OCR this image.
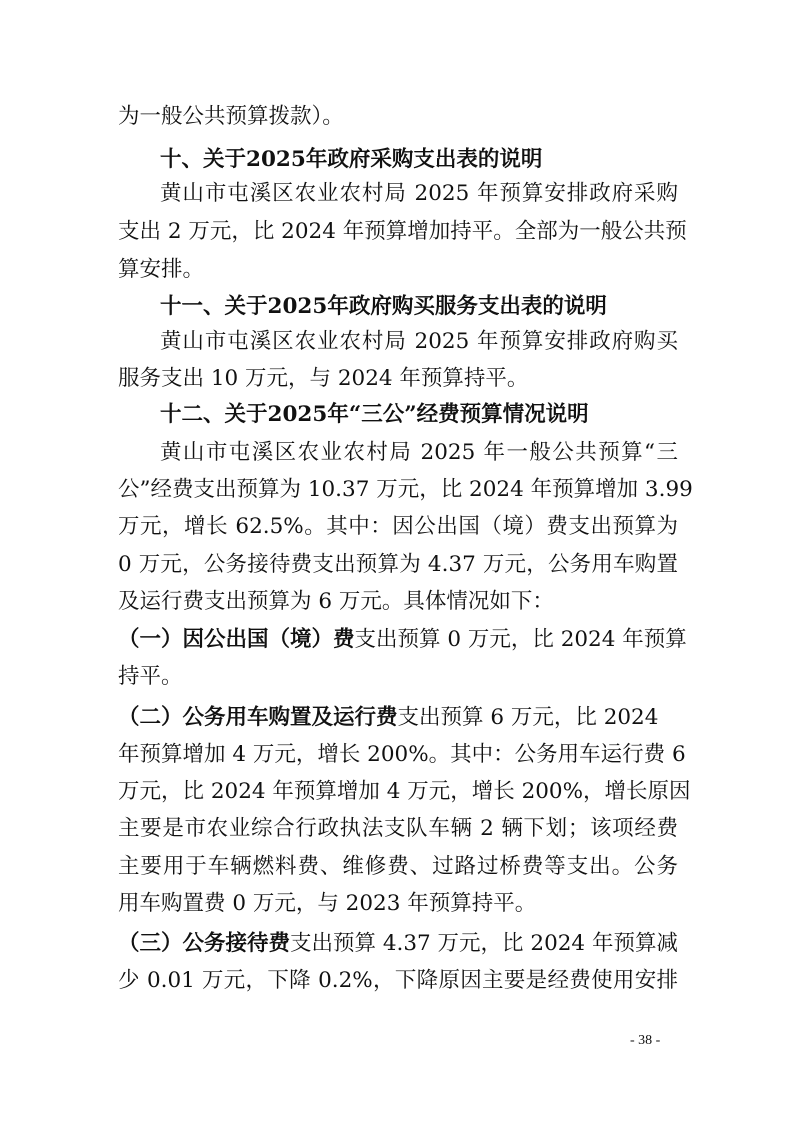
为一般公共预算拨款）。
十、关于2025年政府采购支出表的说明
黄山市屯溪区农业农村局 2025 年预算安排政府采购
支出 2 万元，比 2024 年预算增加持平。全部为一般公共预
算安排。
十一、关于2025年政府购买服务支出表的说明
黄山市屯溪区农业农村局 2025 年预算安排政府购买
服务支出 10 万元，与 2024 年预算持平。
十二、关于2025年“三公”经费预算情况说明
黄山市屯溪区农业农村局 2025 年一般公共预算“三
公”经费支出预算为 10.37 万元，比 2024 年预算增加 3.99
万元，增长 62.5%。其中：因公出国（境）费支出预算为
0 万元，公务接待费支出预算为 4.37 万元，公务用车购置
及运行费支出预算为 6 万元。具体情况如下：
（一）因公出国（境）费支出预算 0 万元，比 2024 年预算
持平。
（二）公务用车购置及运行费支出预算 6 万元，比 2024
年预算增加 4 万元，增长 200%。其中：公务用车运行费 6
万元，比 2024 年预算增加 4 万元，增长 200%，增长原因
主要是市农业综合行政执法支队车辆 2 辆下划；该项经费
主要用于车辆燃料费、维修费、过路过桥费等支出。公务
用车购置费 0 万元，与 2023 年预算持平。
（三）公务接待费支出预算 4.37 万元，比 2024 年预算减
少 0.01 万元，下降 0.2%，下降原因主要是经费使用安排
- 38 -
